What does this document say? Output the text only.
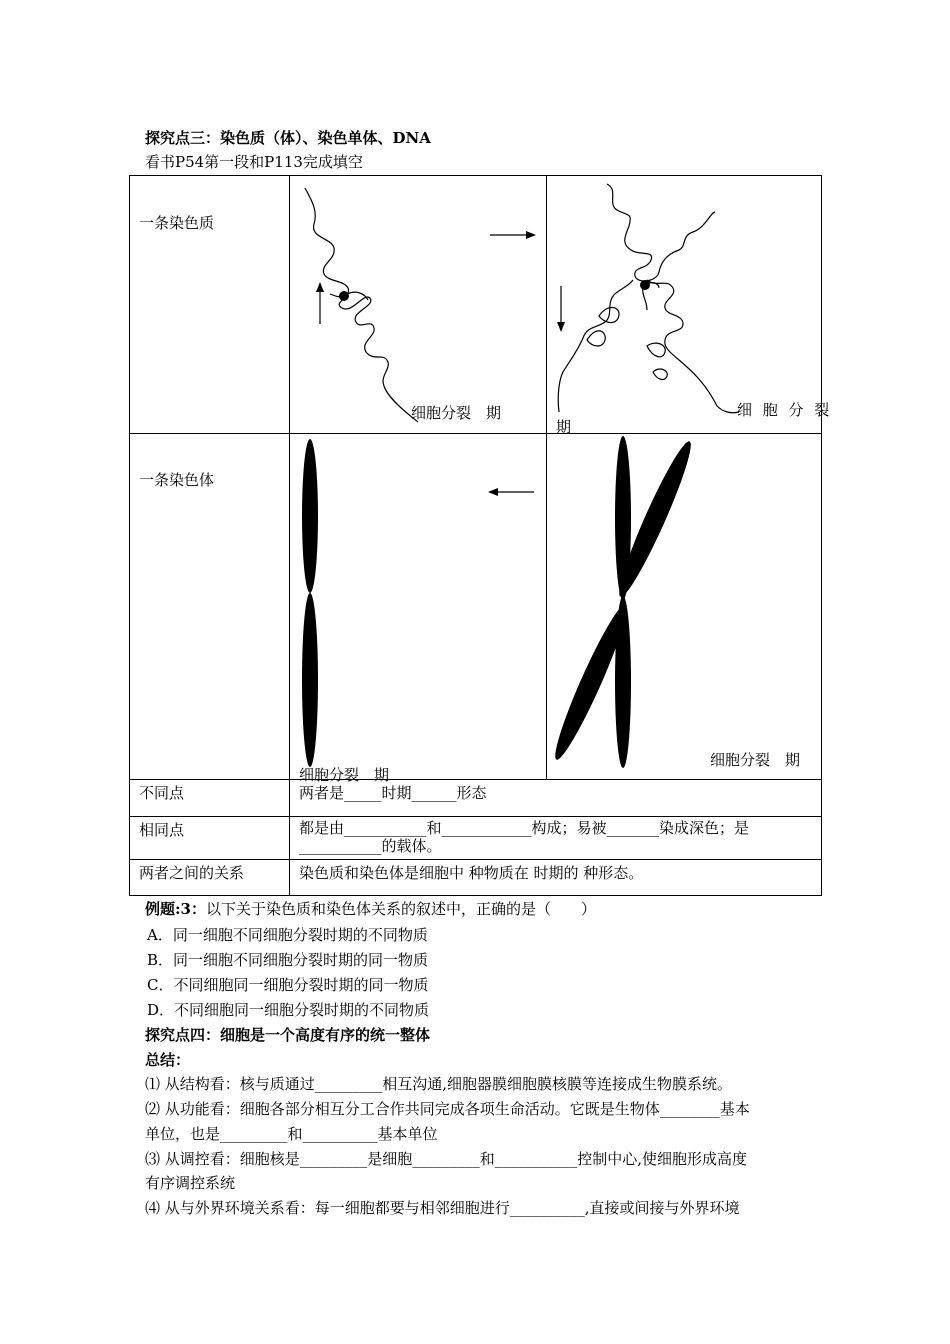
探究点三：染色质（体）、染色单体、DNA
看书P54第一段和P113完成填空
一条染色质	细胞分裂　期	细 胞 分 裂
期

一条染色体	细胞分裂　期	细胞分裂　期

不同点	两者是_____时期______形态	
相同点	都是由___________和____________构成；易被_______染成深色；是___________的载体。	
两者之间的关系	染色质和染色体是细胞中 种物质在 时期的 种形态。	
例题:3：以下关于染色质和染色体关系的叙述中，正确的是（　　）
A．同一细胞不同细胞分裂时期的不同物质
B．同一细胞不同细胞分裂时期的同一物质
C．不同细胞同一细胞分裂时期的同一物质
D．不同细胞同一细胞分裂时期的不同物质
探究点四：细胞是一个高度有序的统一整体
总结：
⑴ 从结构看：核与质通过_________相互沟通,细胞器膜细胞膜核膜等连接成生物膜系统。
⑵ 从功能看：细胞各部分相互分工合作共同完成各项生命活动。它既是生物体________基本
单位，也是_________和__________基本单位
⑶ 从调控看：细胞核是_________是细胞_________和___________控制中心,使细胞形成高度
有序调控系统
⑷ 从与外界环境关系看：每一细胞都要与相邻细胞进行__________,直接或间接与外界环境
